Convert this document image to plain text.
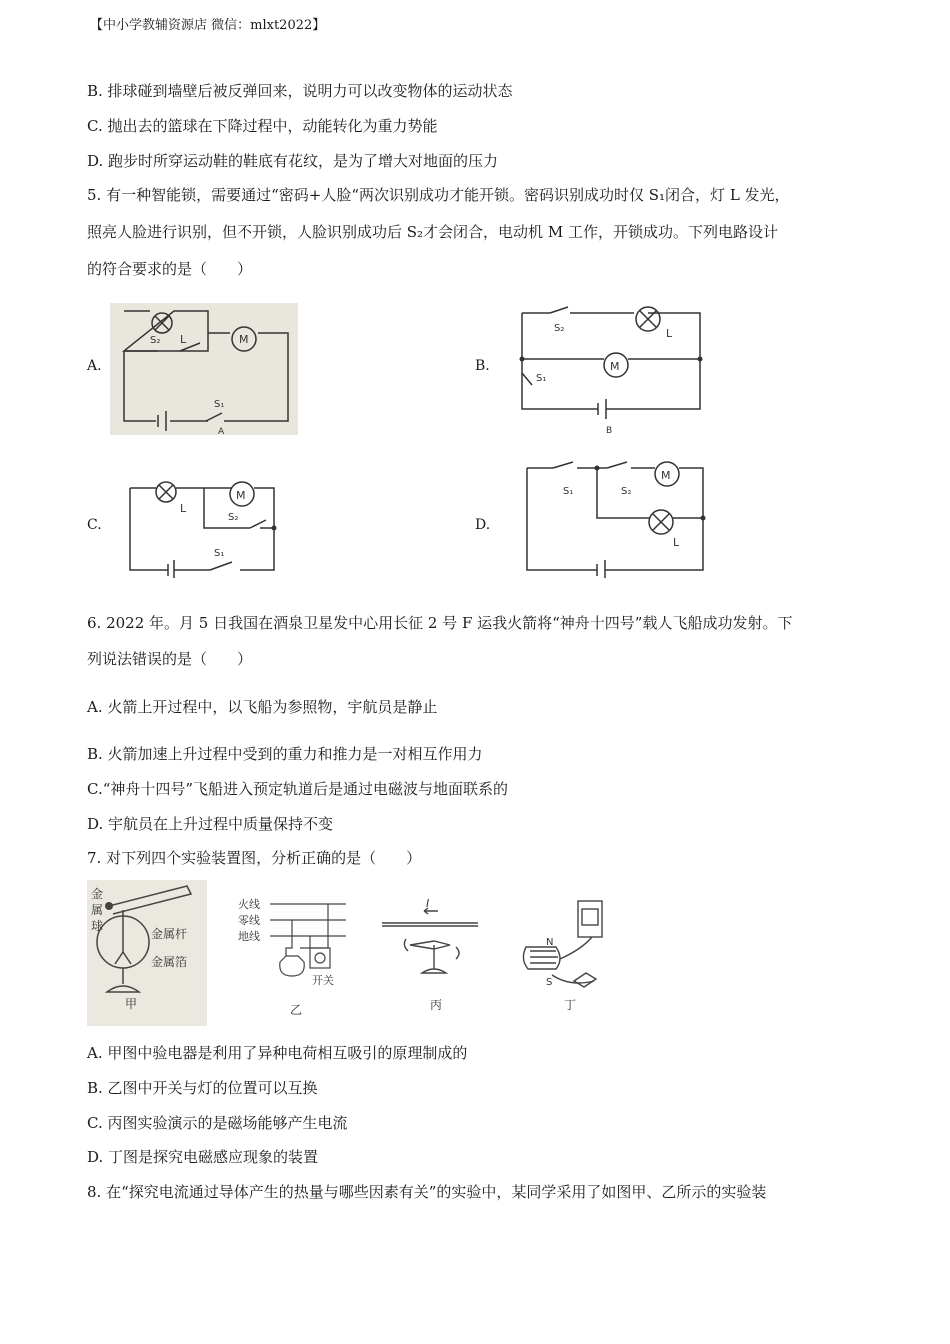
【中小学教辅资源店 微信：mlxt2022】
B. 排球碰到墙壁后被反弹回来，说明力可以改变物体的运动状态
C. 抛出去的篮球在下降过程中，动能转化为重力势能
D. 跑步时所穿运动鞋的鞋底有花纹，是为了增大对地面的压力
5. 有一种智能锁，需要通过“密码+人脸“两次识别成功才能开锁。密码识别成功时仅 S₁闭合，灯 L 发光，
照亮人脸进行识别，但不开锁，人脸识别成功后 S₂才会闭合，电动机 M 工作，开锁成功。下列电路设计
的符合要求的是（　　）
A.	B.
C.	D.
M
L
S₂
S₁
A
M
L
S₂
S₁
B
M
L
S₂
S₁
M
L
S₁	S₂
6. 2022 年。月 5 日我国在酒泉卫星发中心用长征 2 号 F 运我火箭将“神舟十四号”载人飞船成功发射。下
列说法错误的是（　　）
A. 火箭上开过程中，以飞船为参照物，宇航员是静止
B. 火箭加速上升过程中受到的重力和推力是一对相互作用力
C.“神舟十四号”飞船进入预定轨道后是通过电磁波与地面联系的
D. 宇航员在上升过程中质量保持不变
7. 对下列四个实验装置图，分析正确的是（　　）
金
属
球
金属杆
金属箔
甲
火线
零线
地线
开关
乙
I
丙
N
S
丁
A. 甲图中验电器是利用了异种电荷相互吸引的原理制成的
B. 乙图中开关与灯的位置可以互换
C. 丙图实验演示的是磁场能够产生电流
D. 丁图是探究电磁感应现象的装置
8. 在“探究电流通过导体产生的热量与哪些因素有关”的实验中，某同学采用了如图甲、乙所示的实验装
